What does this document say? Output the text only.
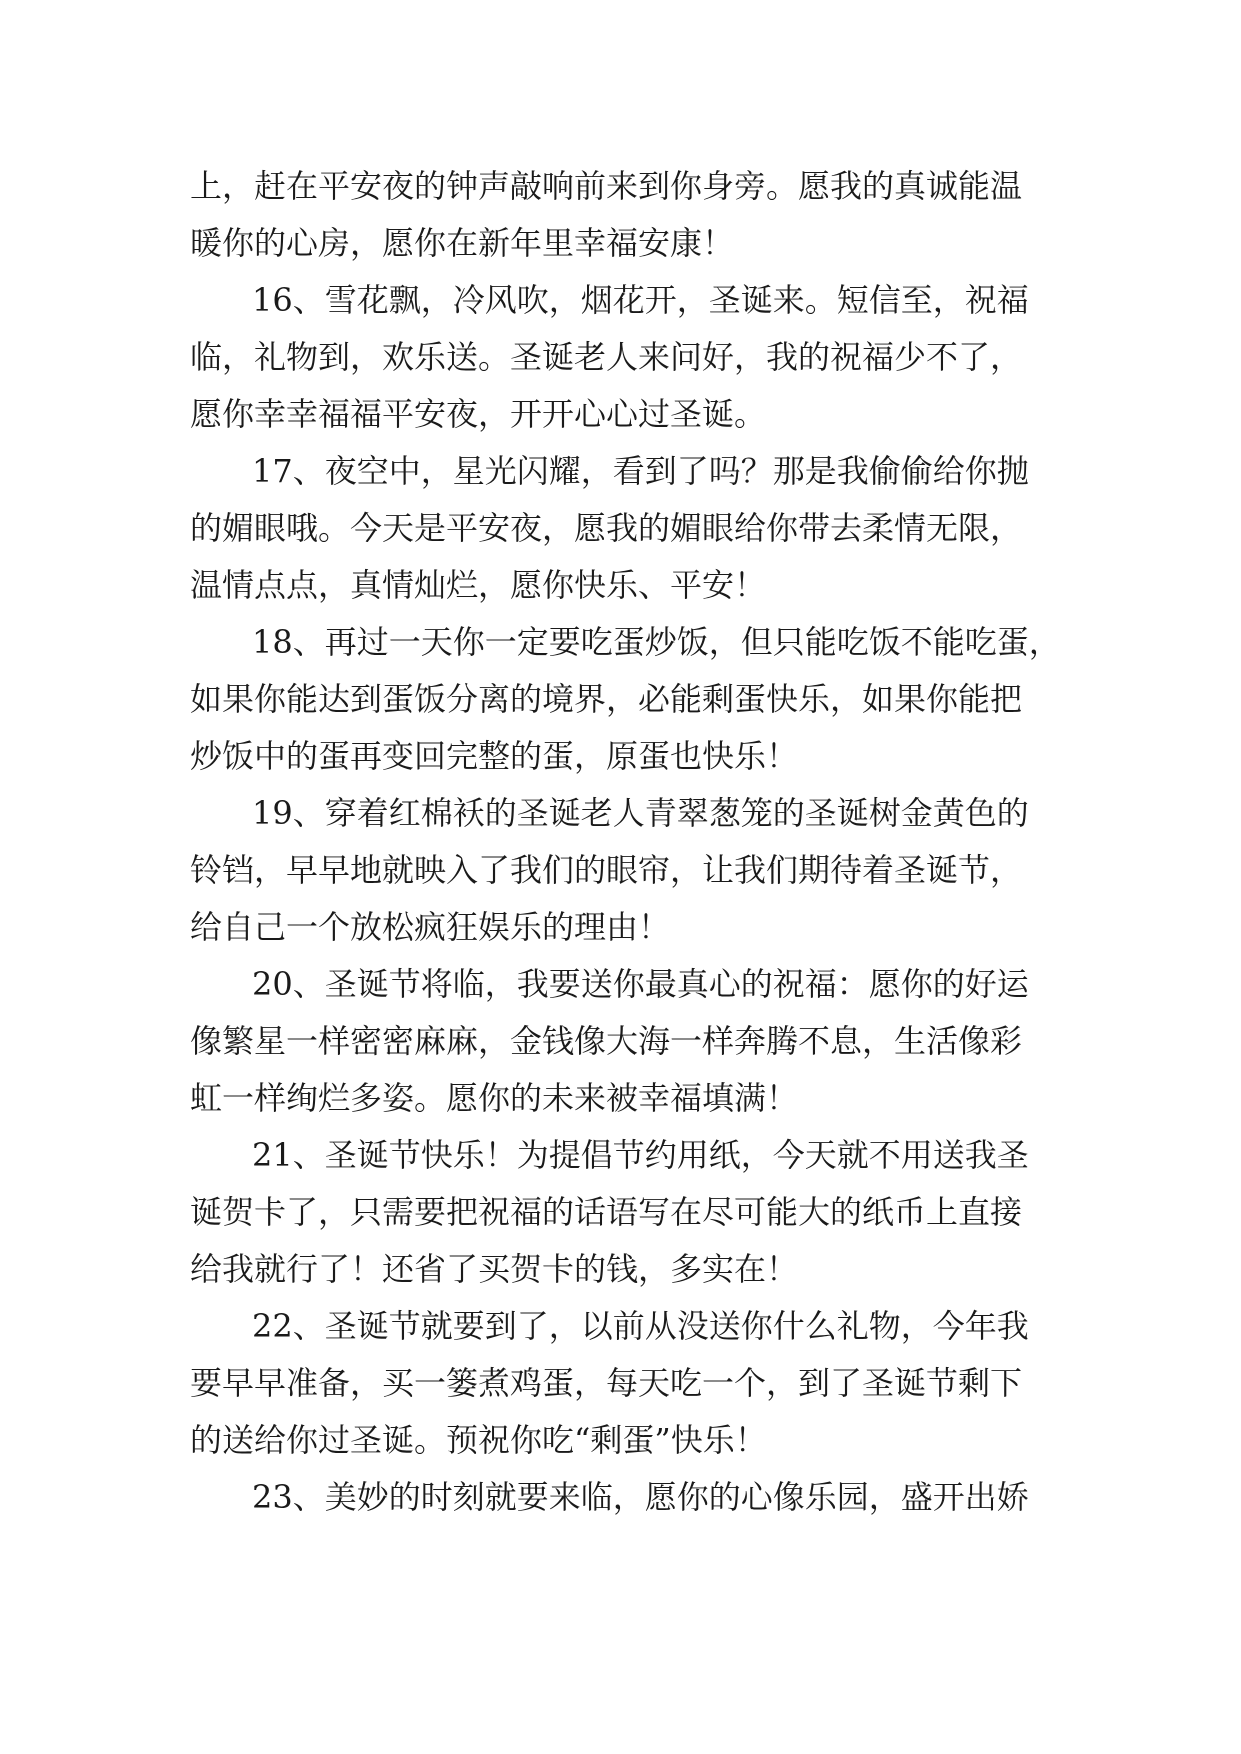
上，赶在平安夜的钟声敲响前来到你身旁。愿我的真诚能温
暖你的心房，愿你在新年里幸福安康！
16、雪花飘，冷风吹，烟花开，圣诞来。短信至，祝福
临，礼物到，欢乐送。圣诞老人来问好，我的祝福少不了，
愿你幸幸福福平安夜，开开心心过圣诞。
17、夜空中，星光闪耀，看到了吗？那是我偷偷给你抛
的媚眼哦。今天是平安夜，愿我的媚眼给你带去柔情无限，
温情点点，真情灿烂，愿你快乐、平安！
18、再过一天你一定要吃蛋炒饭，但只能吃饭不能吃蛋，
如果你能达到蛋饭分离的境界，必能剩蛋快乐，如果你能把
炒饭中的蛋再变回完整的蛋，原蛋也快乐！
19、穿着红棉袄的圣诞老人青翠葱笼的圣诞树金黄色的
铃铛，早早地就映入了我们的眼帘，让我们期待着圣诞节，
给自己一个放松疯狂娱乐的理由！
20、圣诞节将临，我要送你最真心的祝福：愿你的好运
像繁星一样密密麻麻，金钱像大海一样奔腾不息，生活像彩
虹一样绚烂多姿。愿你的未来被幸福填满！
21、圣诞节快乐！为提倡节约用纸，今天就不用送我圣
诞贺卡了，只需要把祝福的话语写在尽可能大的纸币上直接
给我就行了！还省了买贺卡的钱，多实在！
22、圣诞节就要到了，以前从没送你什么礼物，今年我
要早早准备，买一篓煮鸡蛋，每天吃一个，到了圣诞节剩下
的送给你过圣诞。预祝你吃“剩蛋”快乐！
23、美妙的时刻就要来临，愿你的心像乐园，盛开出娇
